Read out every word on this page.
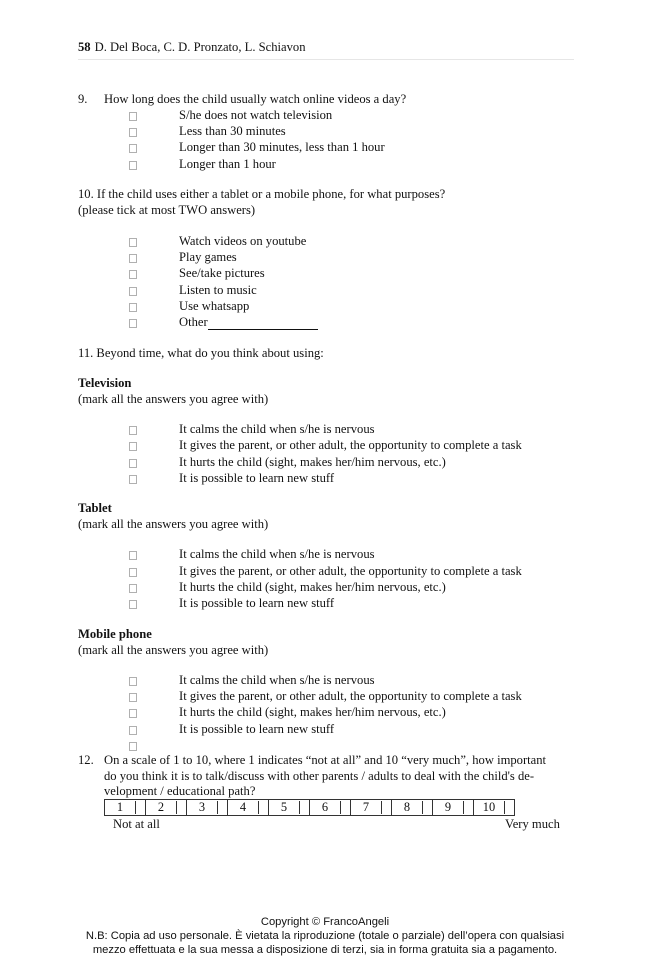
58 D. Del Boca, C. D. Pronzato, L. Schiavon
9. How long does the child usually watch online videos a day?
S/he does not watch television
Less than 30 minutes
Longer than 30 minutes, less than 1 hour
Longer than 1 hour
10. If the child uses either a tablet or a mobile phone, for what purposes?
(please tick at most TWO answers)
Watch videos on youtube
Play games
See/take pictures
Listen to music
Use whatsapp
Other
11. Beyond time, what do you think about using:
Television
(mark all the answers you agree with)
It calms the child when s/he is nervous
It gives the parent, or other adult, the opportunity to complete a task
It hurts the child (sight, makes her/him nervous, etc.)
It is possible to learn new stuff
Tablet
(mark all the answers you agree with)
It calms the child when s/he is nervous
It gives the parent, or other adult, the opportunity to complete a task
It hurts the child (sight, makes her/him nervous, etc.)
It is possible to learn new stuff
Mobile phone
(mark all the answers you agree with)
It calms the child when s/he is nervous
It gives the parent, or other adult, the opportunity to complete a task
It hurts the child (sight, makes her/him nervous, etc.)
It is possible to learn new stuff
12. On a scale of 1 to 10, where 1 indicates “not at all” and 10 “very much”, how important
do you think it is to talk/discuss with other parents / adults to deal with the child's de-
velopment / educational path?
1	2	3	4	5	6	7	8	9	10
Not at all	Very much
Copyright © FrancoAngeli
N.B: Copia ad uso personale. È vietata la riproduzione (totale o parziale) dell’opera con qualsiasi
mezzo effettuata e la sua messa a disposizione di terzi, sia in forma gratuita sia a pagamento.
